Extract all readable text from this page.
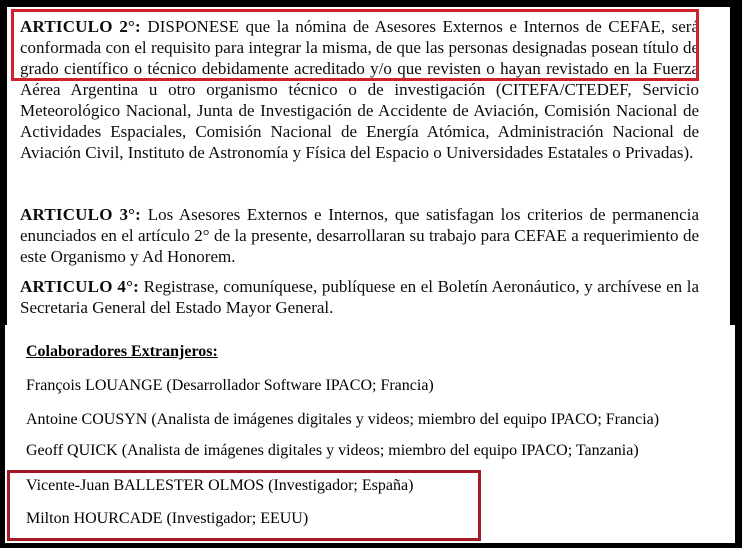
ARTICULO 2°: DISPONESE que la nómina de Asesores Externos e Internos de CEFAE, será conformada con el requisito para integrar la misma, de que las personas designadas posean título de grado científico o técnico debidamente acreditado y/o que revisten o hayan revistado en la Fuerza Aérea Argentina u otro organismo técnico o de investigación (CITEFA/CTEDEF, Servicio Meteorológico Nacional, Junta de Investigación de Accidente de Aviación, Comisión Nacional de Actividades Espaciales, Comisión Nacional de Energía Atómica, Administración Nacional de Aviación Civil, Instituto de Astronomía y Física del Espacio o Universidades Estatales o Privadas).

ARTICULO 3°: Los Asesores Externos e Internos, que satisfagan los criterios de permanencia enunciados en el artículo 2° de la presente, desarrollaran su trabajo para CEFAE a requerimiento de este Organismo y Ad Honorem.

ARTICULO 4°: Registrase, comuníquese, publíquese en el Boletín Aeronáutico, y archívese en la Secretaria General del Estado Mayor General.

Colaboradores Extranjeros:
François LOUANGE (Desarrollador Software IPACO; Francia)
Antoine COUSYN (Analista de imágenes digitales y videos; miembro del equipo IPACO; Francia)
Geoff QUICK (Analista de imágenes digitales y videos; miembro del equipo IPACO; Tanzania)
Vicente-Juan BALLESTER OLMOS (Investigador; España)
Milton HOURCADE (Investigador; EEUU)
